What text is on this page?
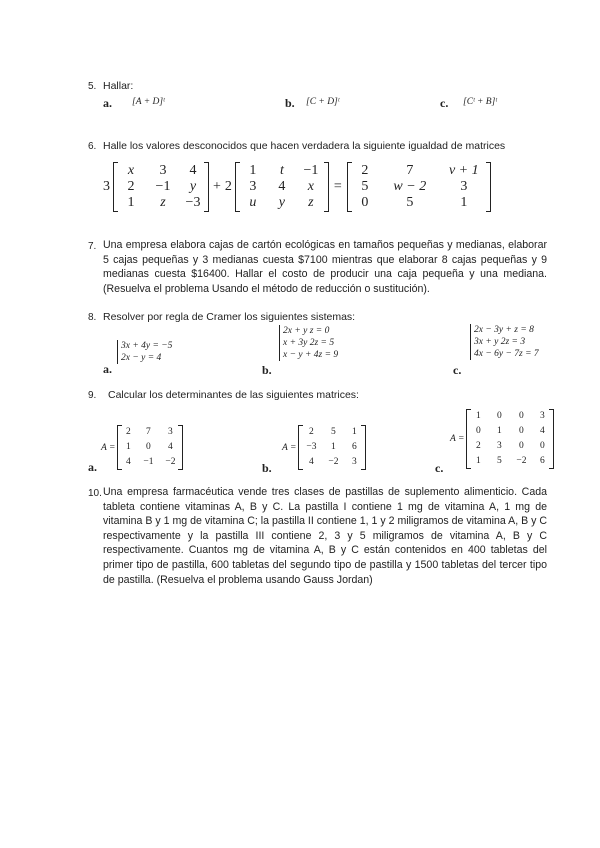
5. Hallar:
a. [A + D]ᵗ	b. [C + D]ᵗ	c. [Cᵗ + B]ᵗ
6. Halle los valores desconocidos que hacen verdadera la siguiente igualdad de matrices
3
x	3	4
2	−1	y
1	z	−3
+ 2
1	t	−1
3	4	x
u	y	z
=
2	7	v + 1
5	w − 2	3
0	5	1
7. Una empresa elabora cajas de cartón ecológicas en tamaños pequeñas y medianas, elaborar 5 cajas pequeñas y 3 medianas cuesta $7100 mientras que elaborar 8 cajas pequeñas y 9 medianas cuesta $16400. Hallar el costo de producir una caja pequeña y una mediana. (Resuelva el problema Usando el método de reducción o sustitución).
8. Resolver por regla de Cramer los siguientes sistemas:
a.
3x + 4y = −5
2x − y = 4
b.
2x + y z = 0
x + 3y 2z = 5
x − y + 4z = 9
c.
2x − 3y + z = 8
3x + y 2z = 3
4x − 6y − 7z = 7
9. Calcular los determinantes de las siguientes matrices:
a.
A =
2	7	3
1	0	4
4	−1	−2	b.
A =
2	5	1
−3	1	6
4	−2	3	c.
A =
1	0	0	3
0	1	0	4
2	3	0	0
1	5	−2	6
10. Una empresa farmacéutica vende tres clases de pastillas de suplemento alimenticio. Cada tableta contiene vitaminas A, B y C. La pastilla I contiene 1 mg de vitamina A, 1 mg de vitamina B y 1 mg de vitamina C; la pastilla II contiene 1, 1 y 2 miligramos de vitamina A, B y C respectivamente y la pastilla III contiene 2, 3 y 5 miligramos de vitamina A, B y C respectivamente. Cuantos mg de vitamina A, B y C están contenidos en 400 tabletas del primer tipo de pastilla, 600 tabletas del segundo tipo de pastilla y 1500 tabletas del tercer tipo de pastilla. (Resuelva el problema usando Gauss Jordan)
